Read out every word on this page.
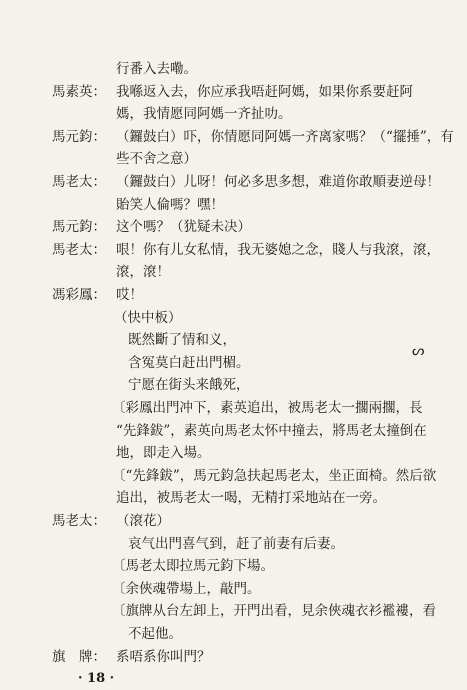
行番入去嘞。
馬素英： 我喺返入去，你应承我唔赶阿媽，如果你系要赶阿
媽，我情愿同阿媽一齐扯叻。
馬元鈞： （鑼鼓白）吓，你情愿同阿媽一齐离家嗎？（“擺捶”，有
些不舍之意）
馬老太： （鑼鼓白）儿呀！何必多思多想，难道你敢順妻逆母！
貽笑人倫嗎？嘿！
馬元鈞： 这个嗎？（犹疑未决）
馬老太： 哏！你有儿女私情，我无婆媳之念，賤人与我滾，滾，
滾，滾！
馮彩鳳： 哎！
（快中板）
既然斷了情和义，
含冤莫白赶出門楣。
宁愿在街头来餓死，
〔彩鳳出門冲下，素英追出，被馬老太一擱兩擱，長
“先鋒鈸”，素英向馬老太怀中撞去，將馬老太撞倒在
地，即走入場。
〔“先鋒鈸”，馬元鈞急扶起馬老太，坐正面椅。然后欲
追出，被馬老太一喝，无精打采地站在一旁。
馬老太： （滾花）
哀气出門喜气到，赶了前妻有后妻。
〔馬老太即拉馬元鈞下場。
〔余俠魂帶場上，敲門。
〔旗牌从台左卸上，开門出看，見余俠魂衣衫襤褸，看
不起他。
旗　牌： 系唔系你叫門？
· 18 ·
ᔕ
